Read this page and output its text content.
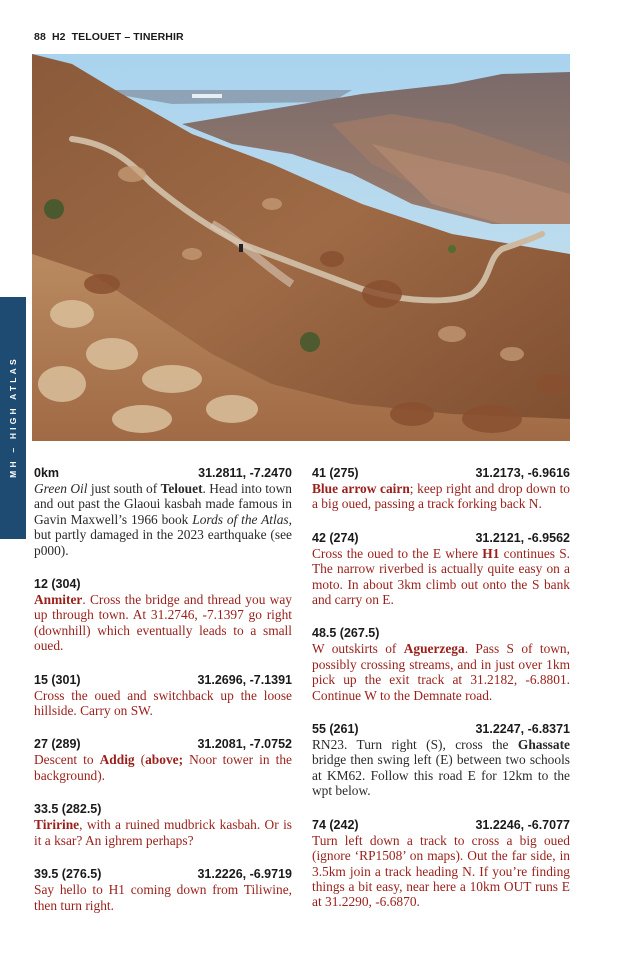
88 H2 TELOUET – TINERHIR
MH – HIGH ATLAS 0km	31.2811, -7.2470
Green Oil just south of Telouet. Head into town and out past the Glaoui kasbah made famous in Gavin Maxwell’s 1966 book Lords of the Atlas, but partly damaged in the 2023 earthquake (see p000).
12 (304)
Anmiter. Cross the bridge and thread you way up through town. At 31.2746, -7.1397 go right (downhill) which eventually leads to a small oued.
15 (301)	31.2696, -7.1391
Cross the oued and switchback up the loose hillside. Carry on SW.
27 (289)	31.2081, -7.0752
Descent to Addig (above; Noor tower in the background).
33.5 (282.5)
Tiririne, with a ruined mudbrick kasbah. Or is it a ksar? An ighrem perhaps?
39.5 (276.5)	31.2226, -6.9719
Say hello to H1 coming down from Tiliwine, then turn right.
41 (275)	31.2173, -6.9616
Blue arrow cairn; keep right and drop down to a big oued, passing a track forking back N.
42 (274)	31.2121, -6.9562
Cross the oued to the E where H1 continues S. The narrow riverbed is actually quite easy on a moto. In about 3km climb out onto the S bank and carry on E.
48.5 (267.5)
W outskirts of Aguerzega. Pass S of town, possibly crossing streams, and in just over 1km pick up the exit track at 31.2182, -6.8801. Continue W to the Demnate road.
55 (261)	31.2247, -6.8371
RN23. Turn right (S), cross the Ghassate bridge then swing left (E) between two schools at KM62. Follow this road E for 12km to the wpt below.
74 (242)	31.2246, -6.7077
Turn left down a track to cross a big oued (ignore ‘RP1508’ on maps). Out the far side, in 3.5km join a track heading N. If you’re finding things a bit easy, near here a 10km OUT runs E at 31.2290, -6.6870.
